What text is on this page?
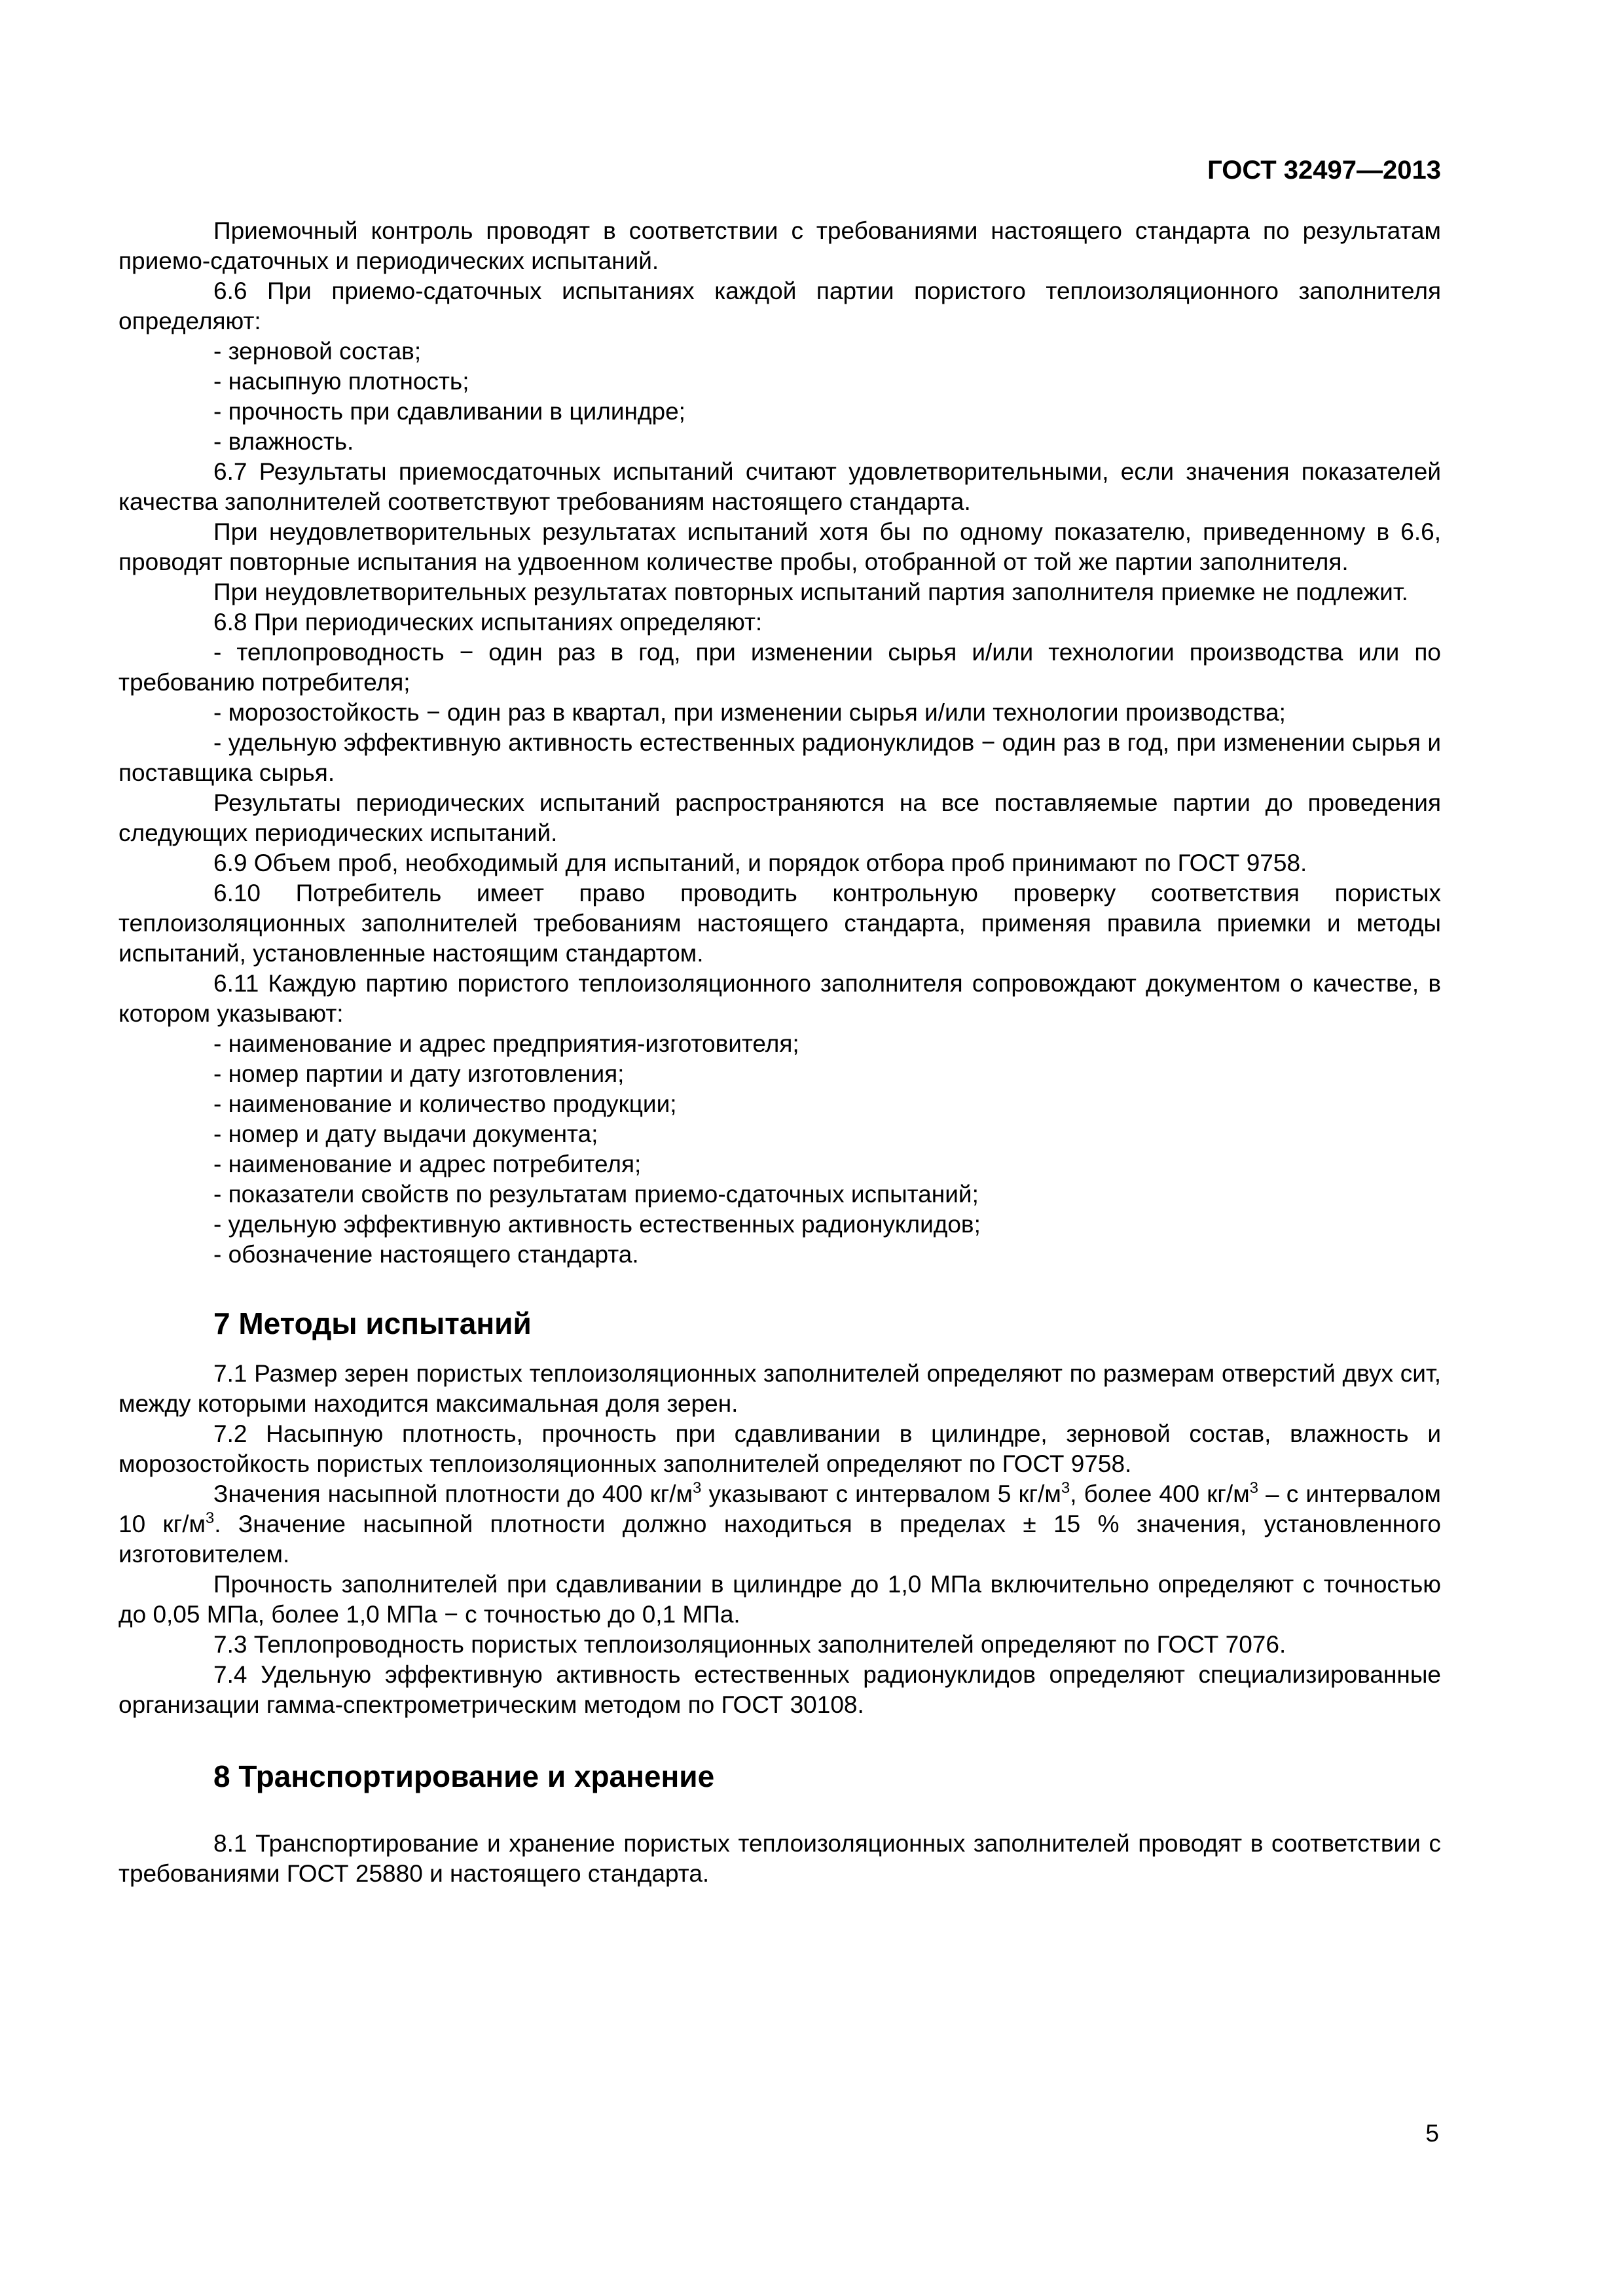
ГОСТ 32497—2013

Приемочный контроль проводят в соответствии с требованиями настоящего стандарта по результатам приемо-сдаточных и периодических испытаний.

6.6 При приемо-сдаточных испытаниях каждой партии пористого теплоизоляционного заполнителя определяют:

- зерновой состав;

- насыпную плотность;

- прочность при сдавливании в цилиндре;

- влажность.

6.7 Результаты приемосдаточных испытаний считают удовлетворительными, если значения показателей качества заполнителей соответствуют требованиям настоящего стандарта.

При неудовлетворительных результатах испытаний хотя бы по одному показателю, приведенному в 6.6, проводят повторные испытания на удвоенном количестве пробы, отобранной от той же партии заполнителя.

При неудовлетворительных результатах повторных испытаний партия заполнителя приемке не подлежит.

6.8 При периодических испытаниях определяют:

- теплопроводность − один раз в год, при изменении сырья и/или технологии производства или по требованию потребителя;

- морозостойкость − один раз в квартал, при изменении сырья и/или технологии производства;

- удельную эффективную активность естественных радионуклидов − один раз в год, при изменении сырья и поставщика сырья.

Результаты периодических испытаний распространяются на все поставляемые партии до проведения следующих периодических испытаний.

6.9 Объем проб, необходимый для испытаний, и порядок отбора проб принимают по ГОСТ 9758.

6.10 Потребитель имеет право проводить контрольную проверку соответствия пористых теплоизоляционных заполнителей требованиям настоящего стандарта, применяя правила приемки и методы испытаний, установленные настоящим стандартом.

6.11 Каждую партию пористого теплоизоляционного заполнителя сопровождают документом о качестве, в котором указывают:

- наименование и адрес предприятия-изготовителя;

- номер партии и дату изготовления;

- наименование и количество продукции;

- номер и дату выдачи документа;

- наименование и адрес потребителя;

- показатели свойств по результатам приемо-сдаточных испытаний;

- удельную эффективную активность естественных радионуклидов;

- обозначение настоящего стандарта.

7 Методы испытаний

7.1 Размер зерен пористых теплоизоляционных заполнителей определяют по размерам отверстий двух сит, между которыми находится максимальная доля зерен.

7.2 Насыпную плотность, прочность при сдавливании в цилиндре, зерновой состав, влажность и морозостойкость пористых теплоизоляционных заполнителей определяют по ГОСТ 9758.

Значения насыпной плотности до 400 $кг/м^3$ указывают с интервалом 5 $кг/м^3$, более 400 $кг/м^3$ – с интервалом 10 $кг/м^3$. Значение насыпной плотности должно находиться в пределах ± 15 % значения, установленного изготовителем.

Прочность заполнителей при сдавливании в цилиндре до 1,0 МПа включительно определяют с точностью до 0,05 МПа, более 1,0 МПа − с точностью до 0,1 МПа.

7.3 Теплопроводность пористых теплоизоляционных заполнителей определяют по ГОСТ 7076.

7.4 Удельную эффективную активность естественных радионуклидов определяют специализированные организации гамма-спектрометрическим методом по ГОСТ 30108.

8 Транспортирование и хранение

8.1 Транспортирование и хранение пористых теплоизоляционных заполнителей проводят в соответствии с требованиями ГОСТ 25880 и настоящего стандарта.

5
